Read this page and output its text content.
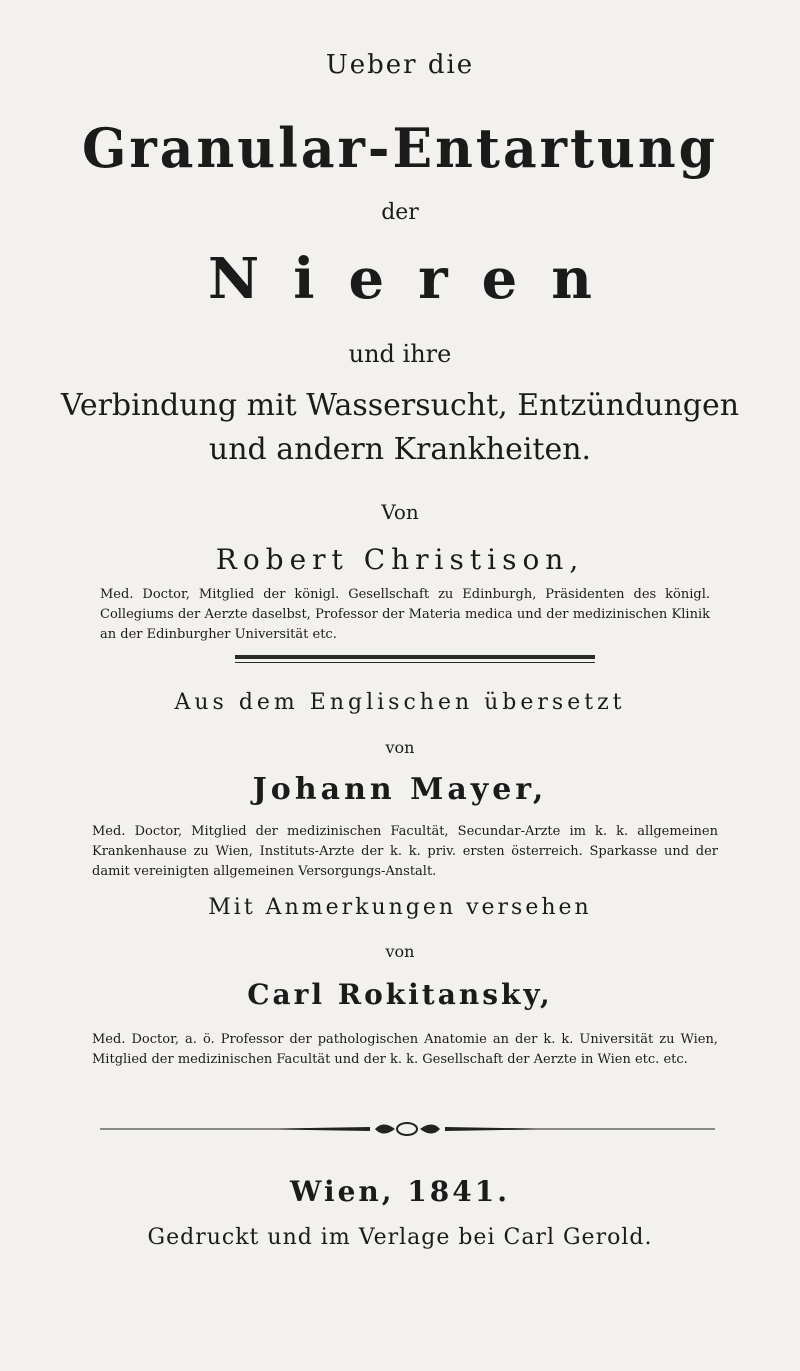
Ueber die
Granular-Entartung
der
Nieren
und ihre
Verbindung mit Wassersucht, Entzündungen
und andern Krankheiten.
Von
Robert Christison,
Med. Doctor, Mitglied der königl. Gesellschaft zu Edinburgh, Präsidenten des königl. Collegiums der Aerzte daselbst, Professor der Materia medica und der medizinischen Klinik an der Edinburgher Universität etc.
Aus dem Englischen übersetzt
von
Johann Mayer,
Med. Doctor, Mitglied der medizinischen Facultät, Secundar-Arzte im k. k. allgemeinen Krankenhause zu Wien, Instituts-Arzte der k. k. priv. ersten österreich. Sparkasse und der damit vereinigten allgemeinen Versorgungs-Anstalt.
Mit Anmerkungen versehen
von
Carl Rokitansky,
Med. Doctor, a. ö. Professor der pathologischen Anatomie an der k. k. Universität zu Wien, Mitglied der medizinischen Facultät und der k. k. Gesellschaft der Aerzte in Wien etc. etc.
Wien, 1841.
Gedruckt und im Verlage bei Carl Gerold.
